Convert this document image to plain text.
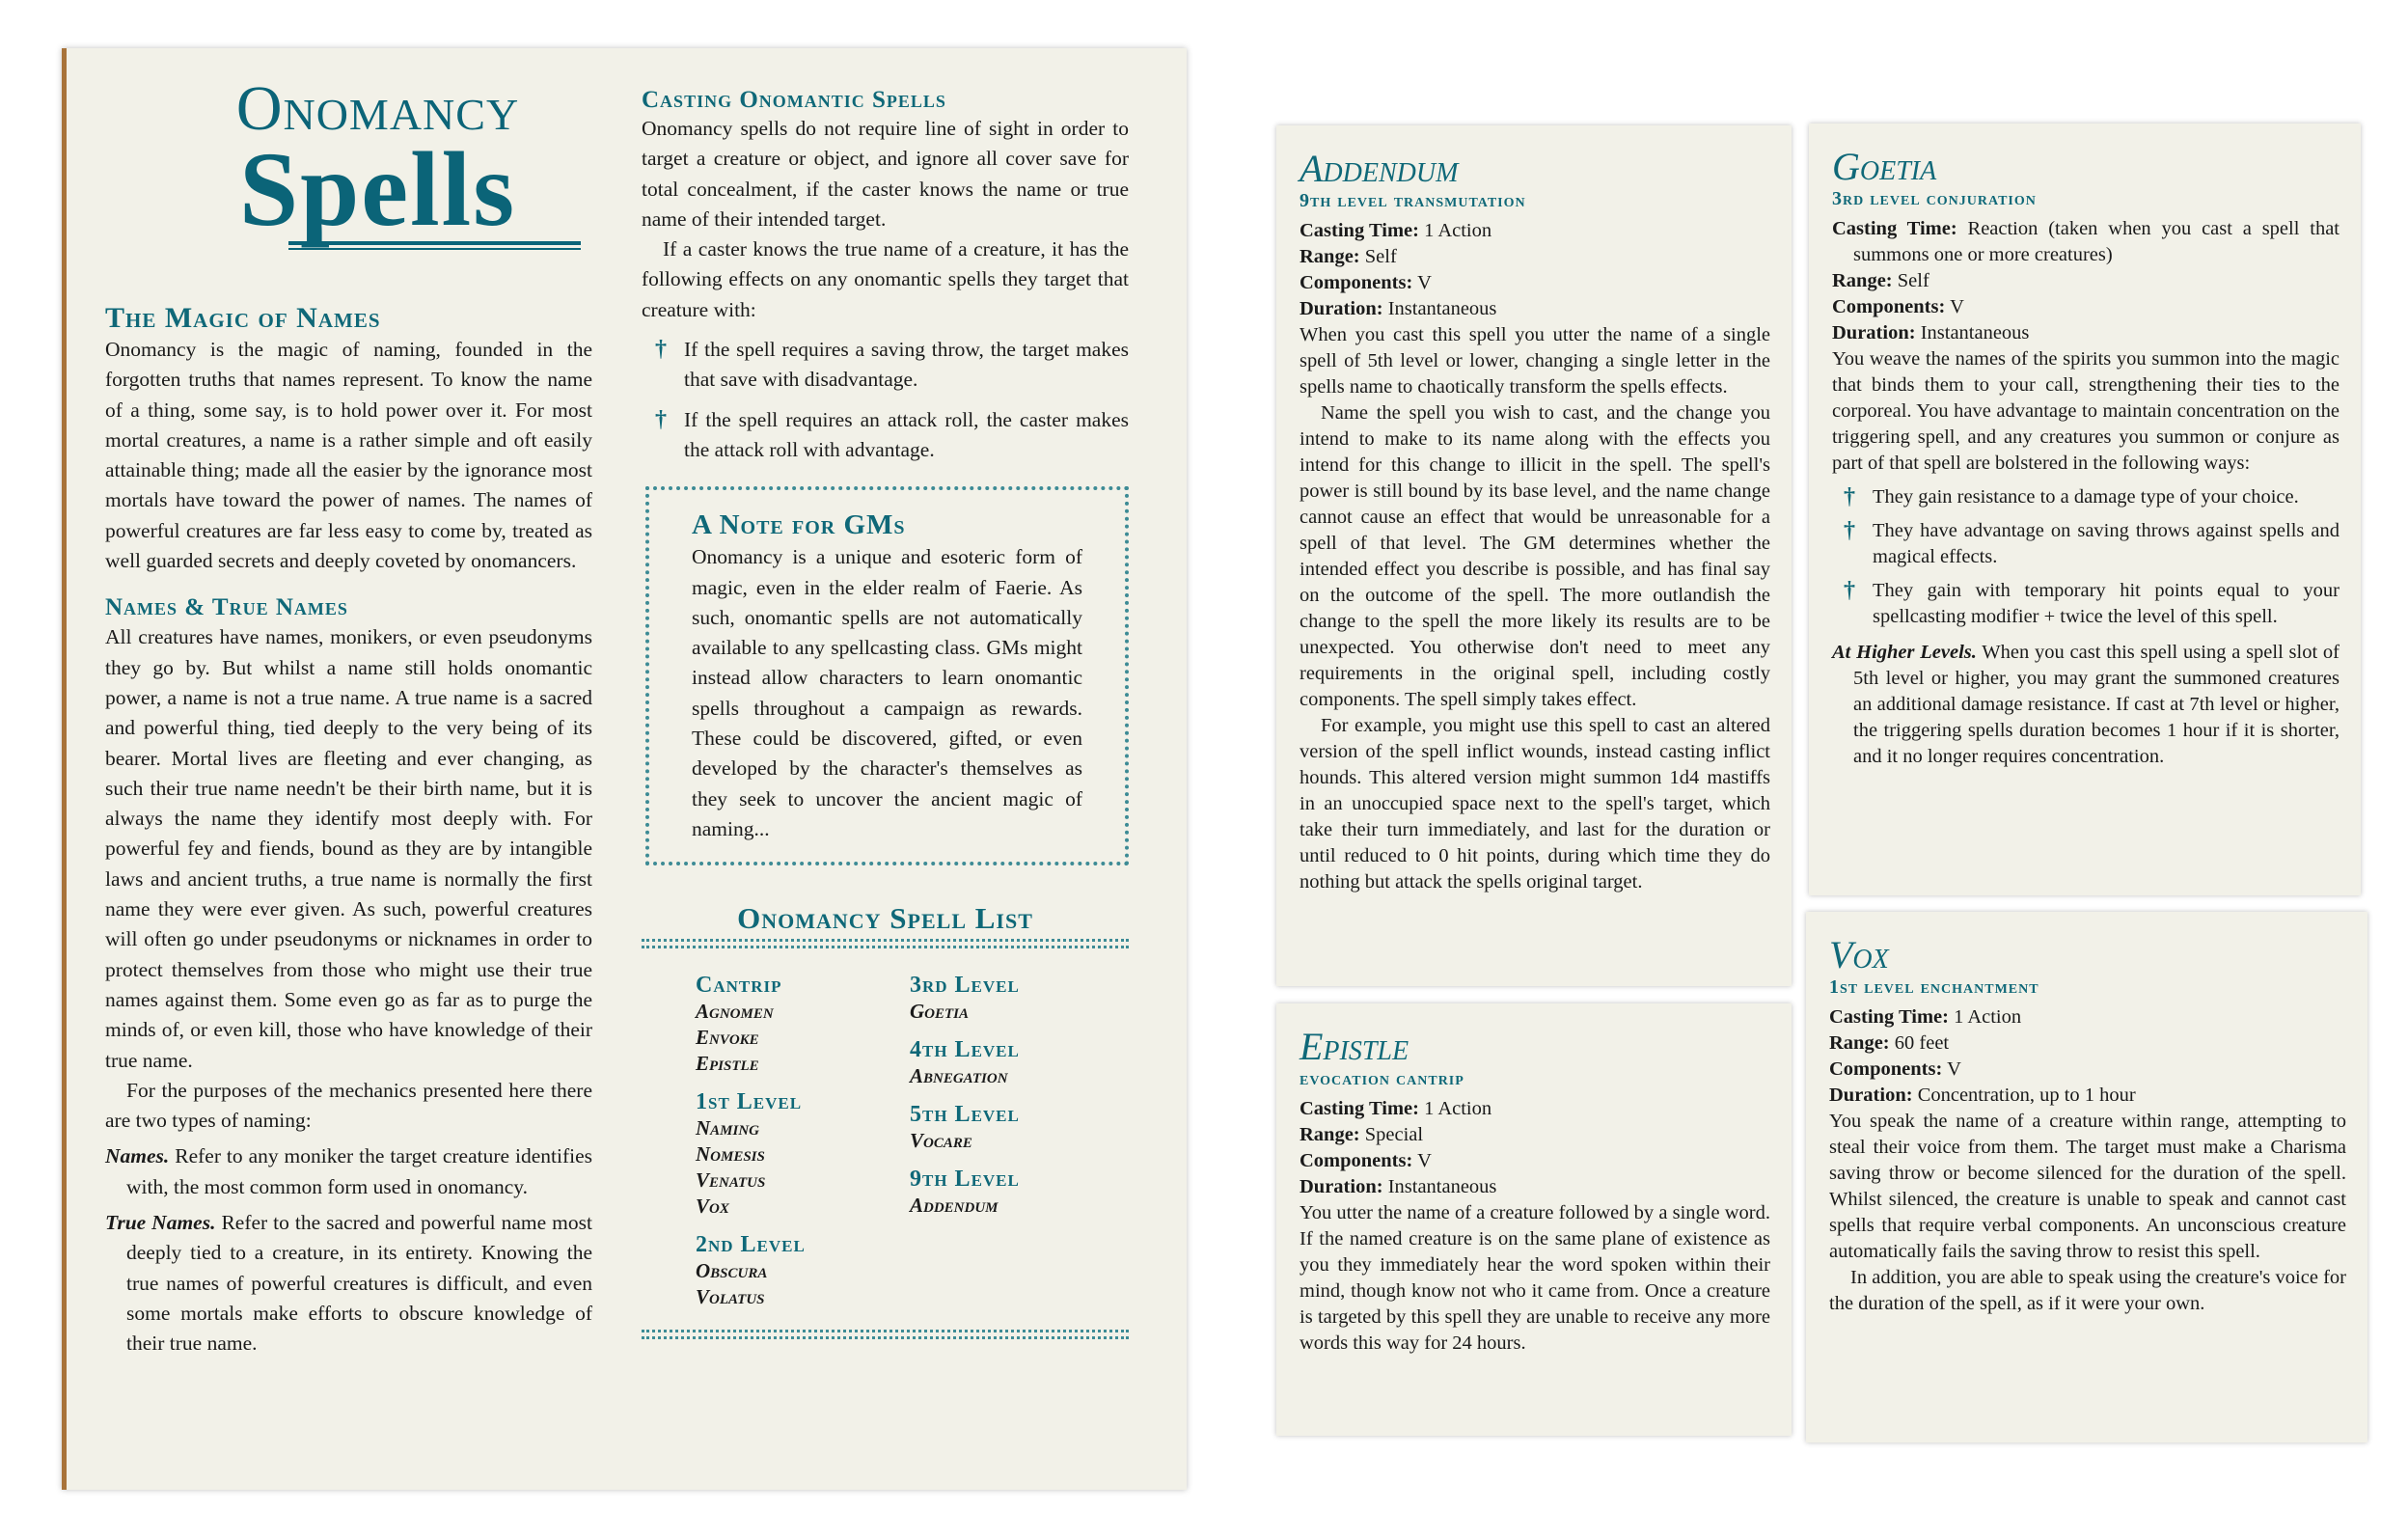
Onomancy
Spells
The Magic of Names

Onomancy is the magic of naming, founded in the forgotten truths that names represent. To know the name of a thing, some say, is to hold power over it. For most mortal creatures, a name is a rather simple and oft easily attainable thing; made all the easier by the ignorance most mortals have toward the power of names. The names of powerful creatures are far less easy to come by, treated as well guarded secrets and deeply coveted by onomancers.

Names & True Names

All creatures have names, monikers, or even pseudonyms they go by. But whilst a name still holds onomantic power, a name is not a true name. A true name is a sacred and powerful thing, tied deeply to the very being of its bearer. Mortal lives are fleeting and ever changing, as such their true name needn't be their birth name, but it is always the name they identify most deeply with. For powerful fey and fiends, bound as they are by intangible laws and ancient truths, a true name is normally the first name they were ever given. As such, powerful creatures will often go under pseudonyms or nicknames in order to protect themselves from those who might use their true names against them. Some even go as far as to purge the minds of, or even kill, those who have knowledge of their true name.

For the purposes of the mechanics presented here there are two types of naming:

Names. Refer to any moniker the target creature identifies with, the most common form used in onomancy.

True Names. Refer to the sacred and powerful name most deeply tied to a creature, in its entirety. Knowing the true names of powerful creatures is difficult, and even some mortals make efforts to obscure knowledge of their true name.

Casting Onomantic Spells

Onomancy spells do not require line of sight in order to target a creature or object, and ignore all cover save for total concealment, if the caster knows the name or true name of their intended target.

If a caster knows the true name of a creature, it has the following effects on any onomantic spells they target that creature with:

† If the spell requires a saving throw, the target makes that save with disadvantage.
† If the spell requires an attack roll, the caster makes the attack roll with advantage.
A Note for GMs

Onomancy is a unique and esoteric form of magic, even in the elder realm of Faerie. As such, onomantic spells are not automatically available to any spellcasting class. GMs might instead allow characters to learn onomantic spells throughout a campaign as rewards. These could be discovered, gifted, or even developed by the character's themselves as they seek to uncover the ancient magic of naming...

Onomancy Spell List
Cantrip
Agnomen
Envoke
Epistle
1st Level
Naming
Nomesis
Venatus
Vox
2nd Level
Obscura
Volatus
3rd Level
Goetia
4th Level
Abnegation
5th Level
Vocare
9th Level
Addendum
Addendum
9th level transmutation

Casting Time: 1 Action

Range: Self

Components: V

Duration: Instantaneous

When you cast this spell you utter the name of a single spell of 5th level or lower, changing a single letter in the spells name to chaotically transform the spells effects.

Name the spell you wish to cast, and the change you intend to make to its name along with the effects you intend for this change to illicit in the spell. The spell's power is still bound by its base level, and the name change cannot cause an effect that would be unreasonable for a spell of that level. The GM determines whether the intended effect you describe is possible, and has final say on the outcome of the spell. The more outlandish the change to the spell the more likely its results are to be unexpected. You otherwise don't need to meet any requirements in the original spell, including costly components. The spell simply takes effect.

For example, you might use this spell to cast an altered version of the spell inflict wounds, instead casting inflict hounds. This altered version might summon 1d4 mastiffs in an unoccupied space next to the spell's target, which take their turn immediately, and last for the duration or until reduced to 0 hit points, during which time they do nothing but attack the spells original target.

Epistle
evocation cantrip

Casting Time: 1 Action

Range: Special

Components: V

Duration: Instantaneous

You utter the name of a creature followed by a single word. If the named creature is on the same plane of existence as you they immediately hear the word spoken within their mind, though know not who it came from. Once a creature is targeted by this spell they are unable to receive any more words this way for 24 hours.

Goetia
3rd level conjuration

Casting Time: Reaction (taken when you cast a spell that summons one or more creatures)

Range: Self

Components: V

Duration: Instantaneous

You weave the names of the spirits you summon into the magic that binds them to your call, strengthening their ties to the corporeal. You have advantage to maintain concentration on the triggering spell, and any creatures you summon or conjure as part of that spell are bolstered in the following ways:

† They gain resistance to a damage type of your choice.
† They have advantage on saving throws against spells and magical effects.
† They gain with temporary hit points equal to your spellcasting modifier + twice the level of this spell.

At Higher Levels. When you cast this spell using a spell slot of 5th level or higher, you may grant the summoned creatures an additional damage resistance. If cast at 7th level or higher, the triggering spells duration becomes 1 hour if it is shorter, and it no longer requires concentration.

Vox
1st level enchantment

Casting Time: 1 Action

Range: 60 feet

Components: V

Duration: Concentration, up to 1 hour

You speak the name of a creature within range, attempting to steal their voice from them. The target must make a Charisma saving throw or become silenced for the duration of the spell. Whilst silenced, the creature is unable to speak and cannot cast spells that require verbal components. An unconscious creature automatically fails the saving throw to resist this spell.

In addition, you are able to speak using the creature's voice for the duration of the spell, as if it were your own.
